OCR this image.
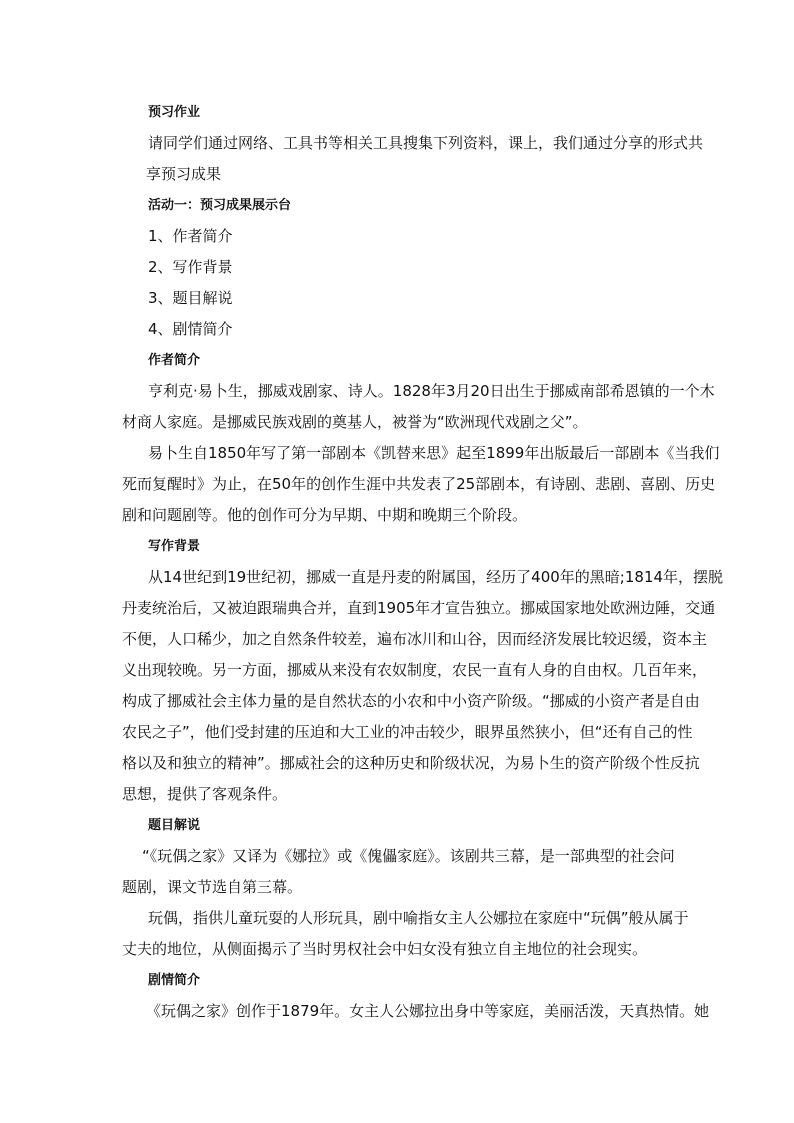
预习作业
请同学们通过网络、工具书等相关工具搜集下列资料，课上，我们通过分享的形式共
享预习成果
活动一：预习成果展示台
1、作者简介
2、写作背景
3、题目解说
4、剧情简介
作者简介
亨利克·易卜生，挪威戏剧家、诗人。1828年3月20日出生于挪威南部希恩镇的一个木
材商人家庭。是挪威民族戏剧的奠基人，被誉为“欧洲现代戏剧之父”。
易卜生自1850年写了第一部剧本《凯替来思》起至1899年出版最后一部剧本《当我们
死而复醒时》为止，在50年的创作生涯中共发表了25部剧本，有诗剧、悲剧、喜剧、历史
剧和问题剧等。他的创作可分为早期、中期和晚期三个阶段。
写作背景
从14世纪到19世纪初，挪威一直是丹麦的附属国，经历了400年的黑暗;1814年，摆脱
丹麦统治后，又被迫跟瑞典合并，直到1905年才宣告独立。挪威国家地处欧洲边陲，交通
不便，人口稀少，加之自然条件较差，遍布冰川和山谷，因而经济发展比较迟缓，资本主
义出现较晚。另一方面，挪威从来没有农奴制度，农民一直有人身的自由权。几百年来，
构成了挪威社会主体力量的是自然状态的小农和中小资产阶级。“挪威的小资产者是自由
农民之子”，他们受封建的压迫和大工业的冲击较少，眼界虽然狭小，但“还有自己的性
格以及和独立的精神”。挪威社会的这种历史和阶级状况，为易卜生的资产阶级个性反抗
思想，提供了客观条件。
题目解说
“《玩偶之家》又译为《娜拉》或《傀儡家庭》。该剧共三幕，是一部典型的社会问
题剧，课文节选自第三幕。
玩偶，指供儿童玩耍的人形玩具，剧中喻指女主人公娜拉在家庭中“玩偶”般从属于
丈夫的地位，从侧面揭示了当时男权社会中妇女没有独立自主地位的社会现实。
剧情简介
《玩偶之家》创作于1879年。女主人公娜拉出身中等家庭，美丽活泼，天真热情。她
